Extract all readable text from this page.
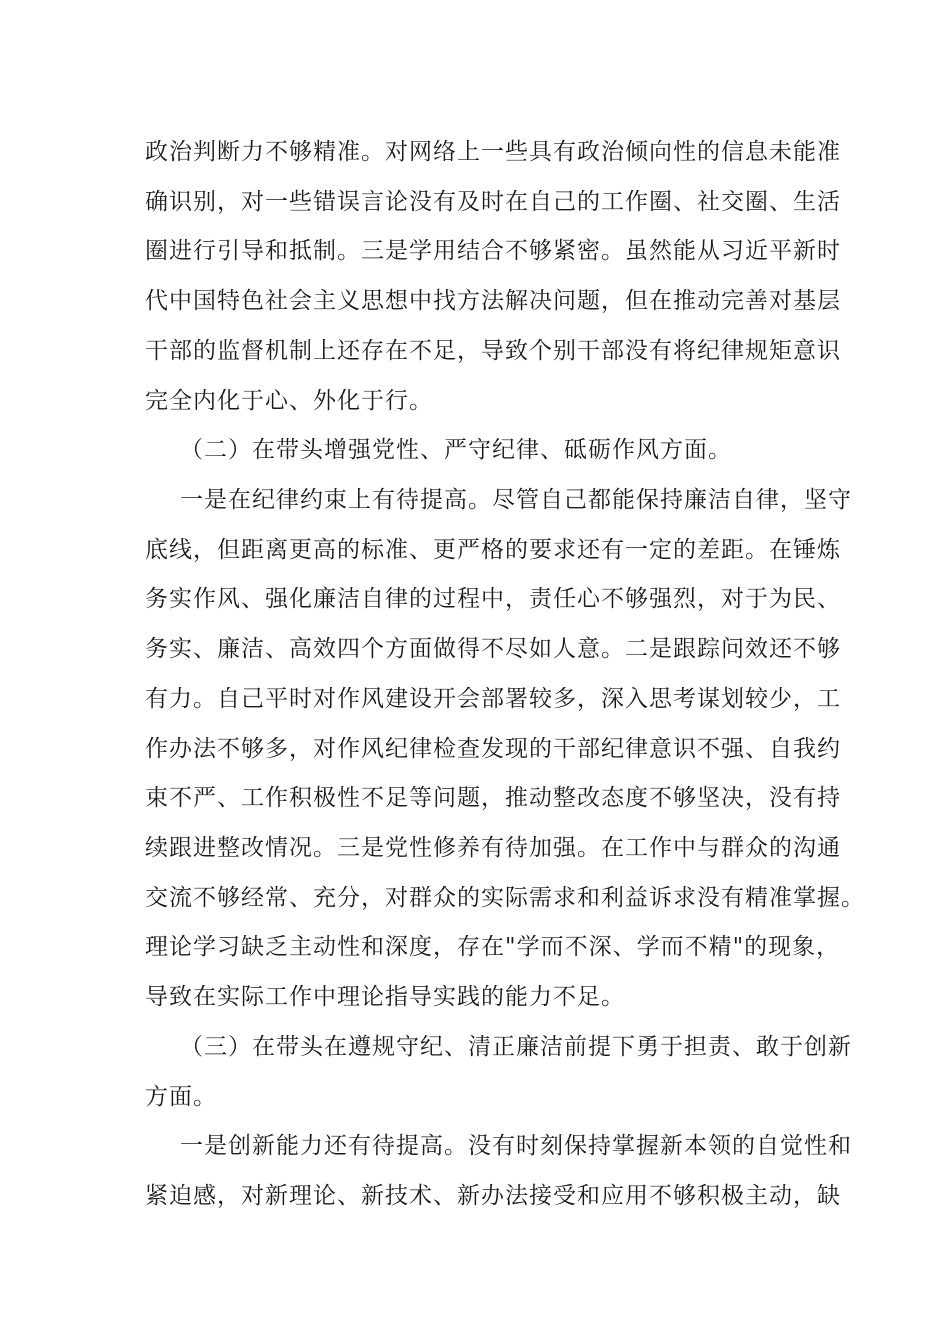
政治判断力不够精准。对网络上一些具有政治倾向性的信息未能准
确识别，对一些错误言论没有及时在自己的工作圈、社交圈、生活
圈进行引导和抵制。三是学用结合不够紧密。虽然能从习近平新时
代中国特色社会主义思想中找方法解决问题，但在推动完善对基层
干部的监督机制上还存在不足，导致个别干部没有将纪律规矩意识
完全内化于心、外化于行。
（二）在带头增强党性、严守纪律、砥砺作风方面。
一是在纪律约束上有待提高。尽管自己都能保持廉洁自律，坚守
底线，但距离更高的标准、更严格的要求还有一定的差距。在锤炼
务实作风、强化廉洁自律的过程中，责任心不够强烈，对于为民、
务实、廉洁、高效四个方面做得不尽如人意。二是跟踪问效还不够
有力。自己平时对作风建设开会部署较多，深入思考谋划较少，工
作办法不够多，对作风纪律检查发现的干部纪律意识不强、自我约
束不严、工作积极性不足等问题，推动整改态度不够坚决，没有持
续跟进整改情况。三是党性修养有待加强。在工作中与群众的沟通
交流不够经常、充分，对群众的实际需求和利益诉求没有精准掌握。
理论学习缺乏主动性和深度，存在"学而不深、学而不精"的现象，
导致在实际工作中理论指导实践的能力不足。
（三）在带头在遵规守纪、清正廉洁前提下勇于担责、敢于创新
方面。
一是创新能力还有待提高。没有时刻保持掌握新本领的自觉性和
紧迫感，对新理论、新技术、新办法接受和应用不够积极主动，缺
